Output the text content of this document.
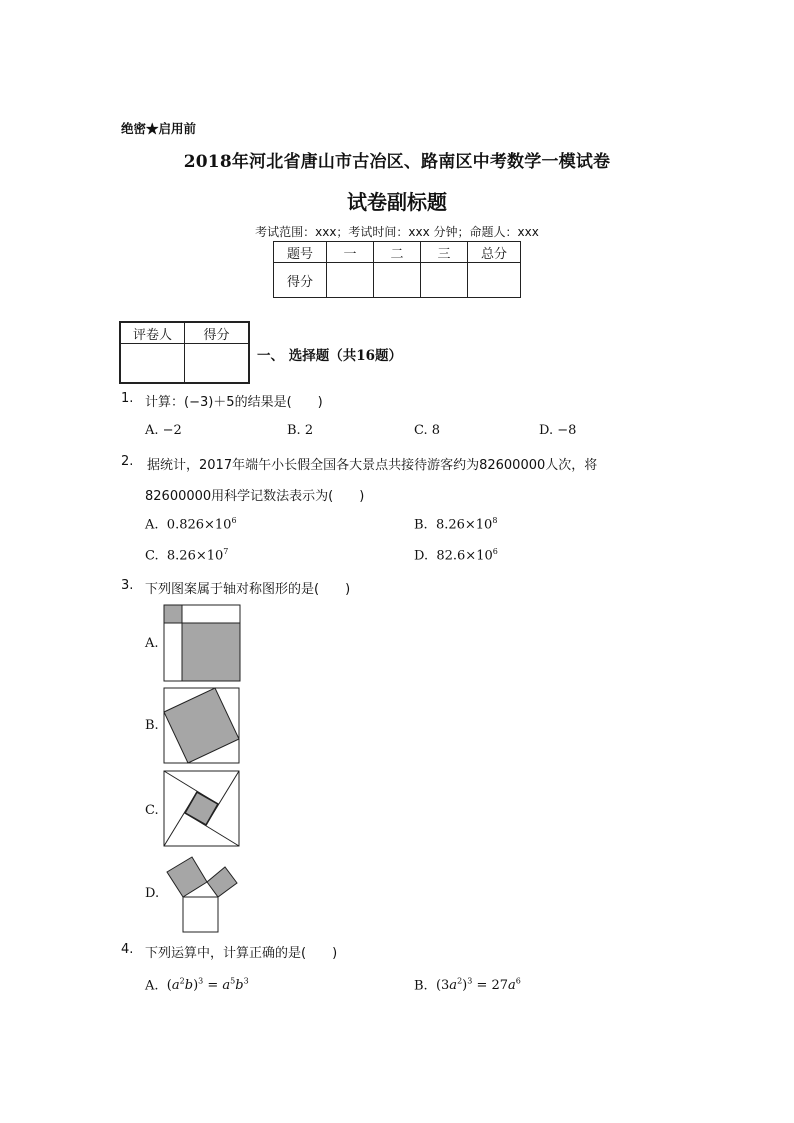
绝密★启用前
2018年河北省唐山市古冶区、路南区中考数学一模试卷
试卷副标题
考试范围：xxx；考试时间：xxx 分钟；命题人：xxx
题号	一	二	三	总分
得分				
评卷人	得分

一、 选择题（共16题）
1. 计算：(−3)＋5的结果是(　　)
A. −2	B. 2	C. 8	D. −8
2. 据统计，2017年端午小长假全国各大景点共接待游客约为82600000人次，将
82600000用科学记数法表示为(　　)
A. $0.826\times 10^6$	B. $8.26\times 10^8$
C. $8.26\times 10^7$	D. $82.6\times 10^6$
3. 下列图案属于轴对称图形的是(　　)
A.
B.
C.
D.
4. 下列运算中，计算正确的是(　　)
A. $(a^2b)^3 = a^5b^3$	B. $(3a^2)^3 = 27a^6$
